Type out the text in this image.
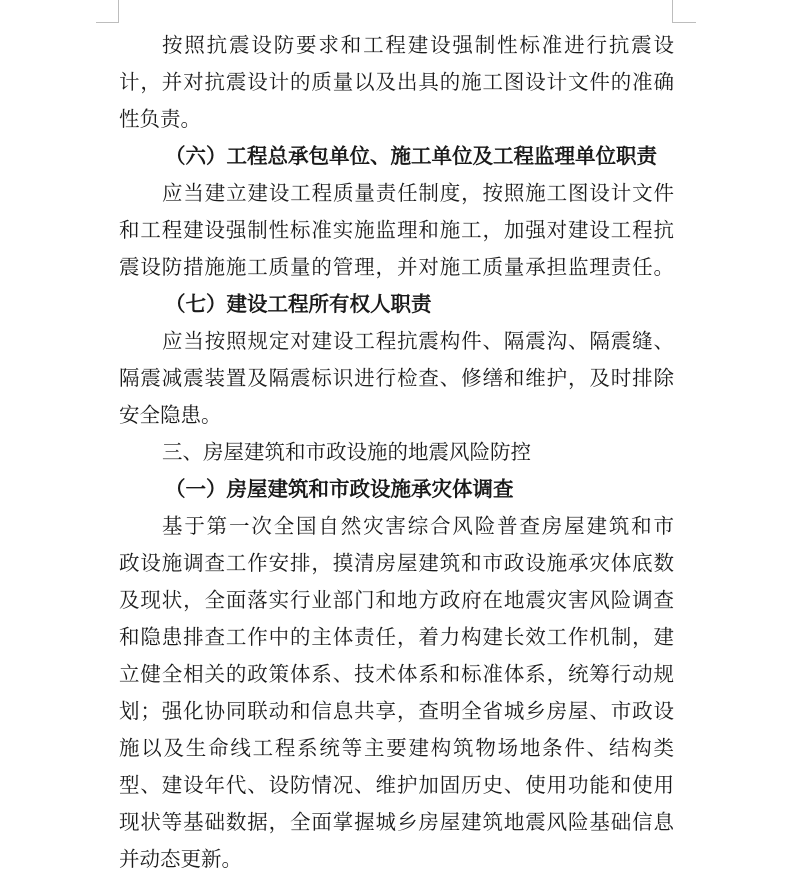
按照抗震设防要求和工程建设强制性标准进行抗震设
计，并对抗震设计的质量以及出具的施工图设计文件的准确
性负责。
（六）工程总承包单位、施工单位及工程监理单位职责
应当建立建设工程质量责任制度，按照施工图设计文件
和工程建设强制性标准实施监理和施工，加强对建设工程抗
震设防措施施工质量的管理，并对施工质量承担监理责任。
（七）建设工程所有权人职责
应当按照规定对建设工程抗震构件、隔震沟、隔震缝、
隔震减震装置及隔震标识进行检查、修缮和维护，及时排除
安全隐患。
三、房屋建筑和市政设施的地震风险防控
（一）房屋建筑和市政设施承灾体调查
基于第一次全国自然灾害综合风险普查房屋建筑和市
政设施调查工作安排，摸清房屋建筑和市政设施承灾体底数
及现状，全面落实行业部门和地方政府在地震灾害风险调查
和隐患排查工作中的主体责任，着力构建长效工作机制，建
立健全相关的政策体系、技术体系和标准体系，统筹行动规
划；强化协同联动和信息共享，查明全省城乡房屋、市政设
施以及生命线工程系统等主要建构筑物场地条件、结构类
型、建设年代、设防情况、维护加固历史、使用功能和使用
现状等基础数据，全面掌握城乡房屋建筑地震风险基础信息
并动态更新。
